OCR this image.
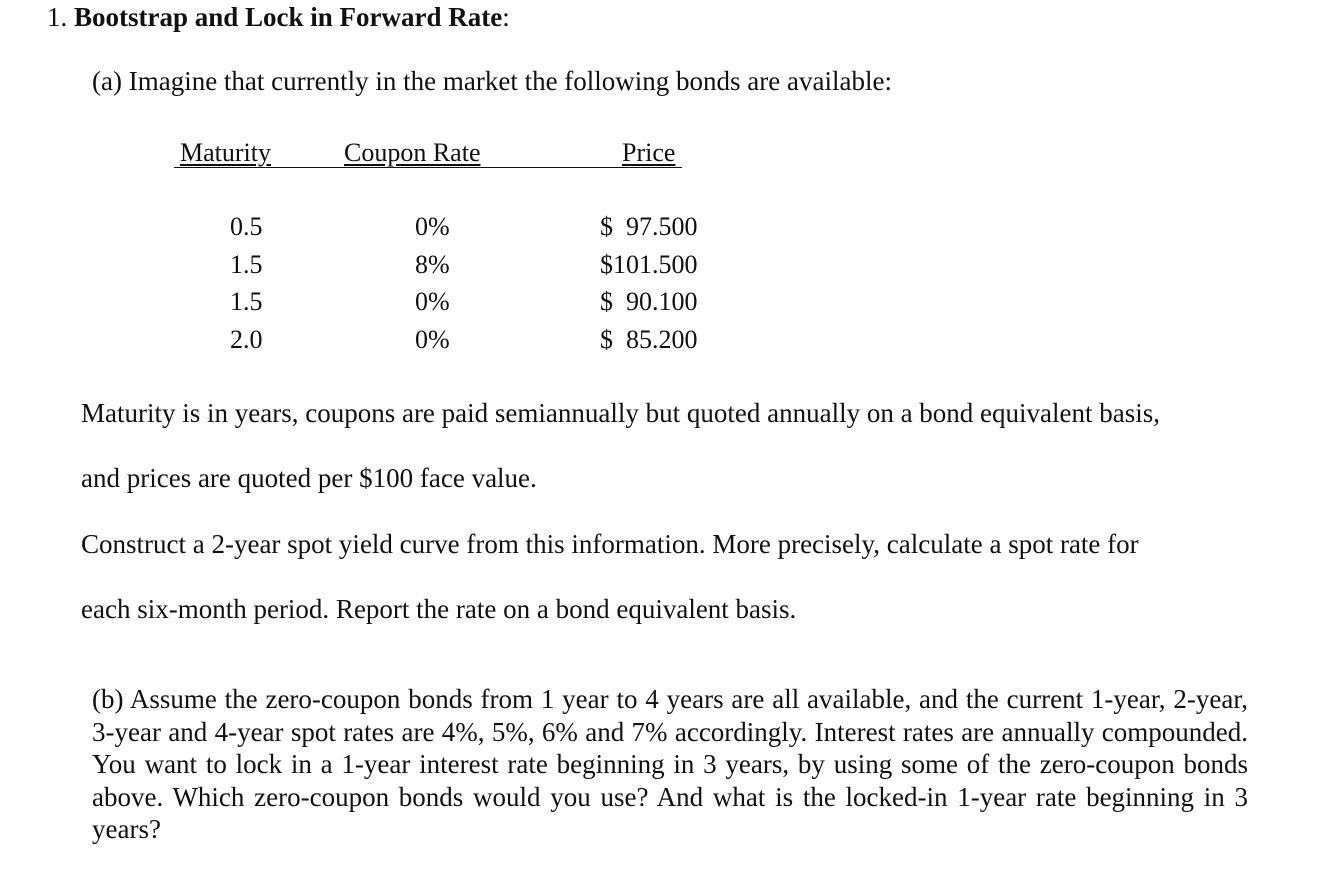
1. Bootstrap and Lock in Forward Rate:
(a) Imagine that currently in the market the following bonds are available:
Maturity	Coupon Rate	Price
0.5	0%	$  97.500
1.5	8%	$101.500
1.5	0%	$  90.100
2.0	0%	$  85.200
Maturity is in years, coupons are paid semiannually but quoted annually on a bond equivalent basis,
and prices are quoted per $100 face value.
Construct a 2-year spot yield curve from this information. More precisely, calculate a spot rate for
each six-month period. Report the rate on a bond equivalent basis.
(b) Assume the zero-coupon bonds from 1 year to 4 years are all available, and the current 1-year, 2-year, 3-year and 4-year spot rates are 4%, 5%, 6% and 7% accordingly. Interest rates are annually compounded. You want to lock in a 1-year interest rate beginning in 3 years, by using some of the zero-coupon bonds above. Which zero-coupon bonds would you use? And what is the locked-in 1-year rate beginning in 3 years?
